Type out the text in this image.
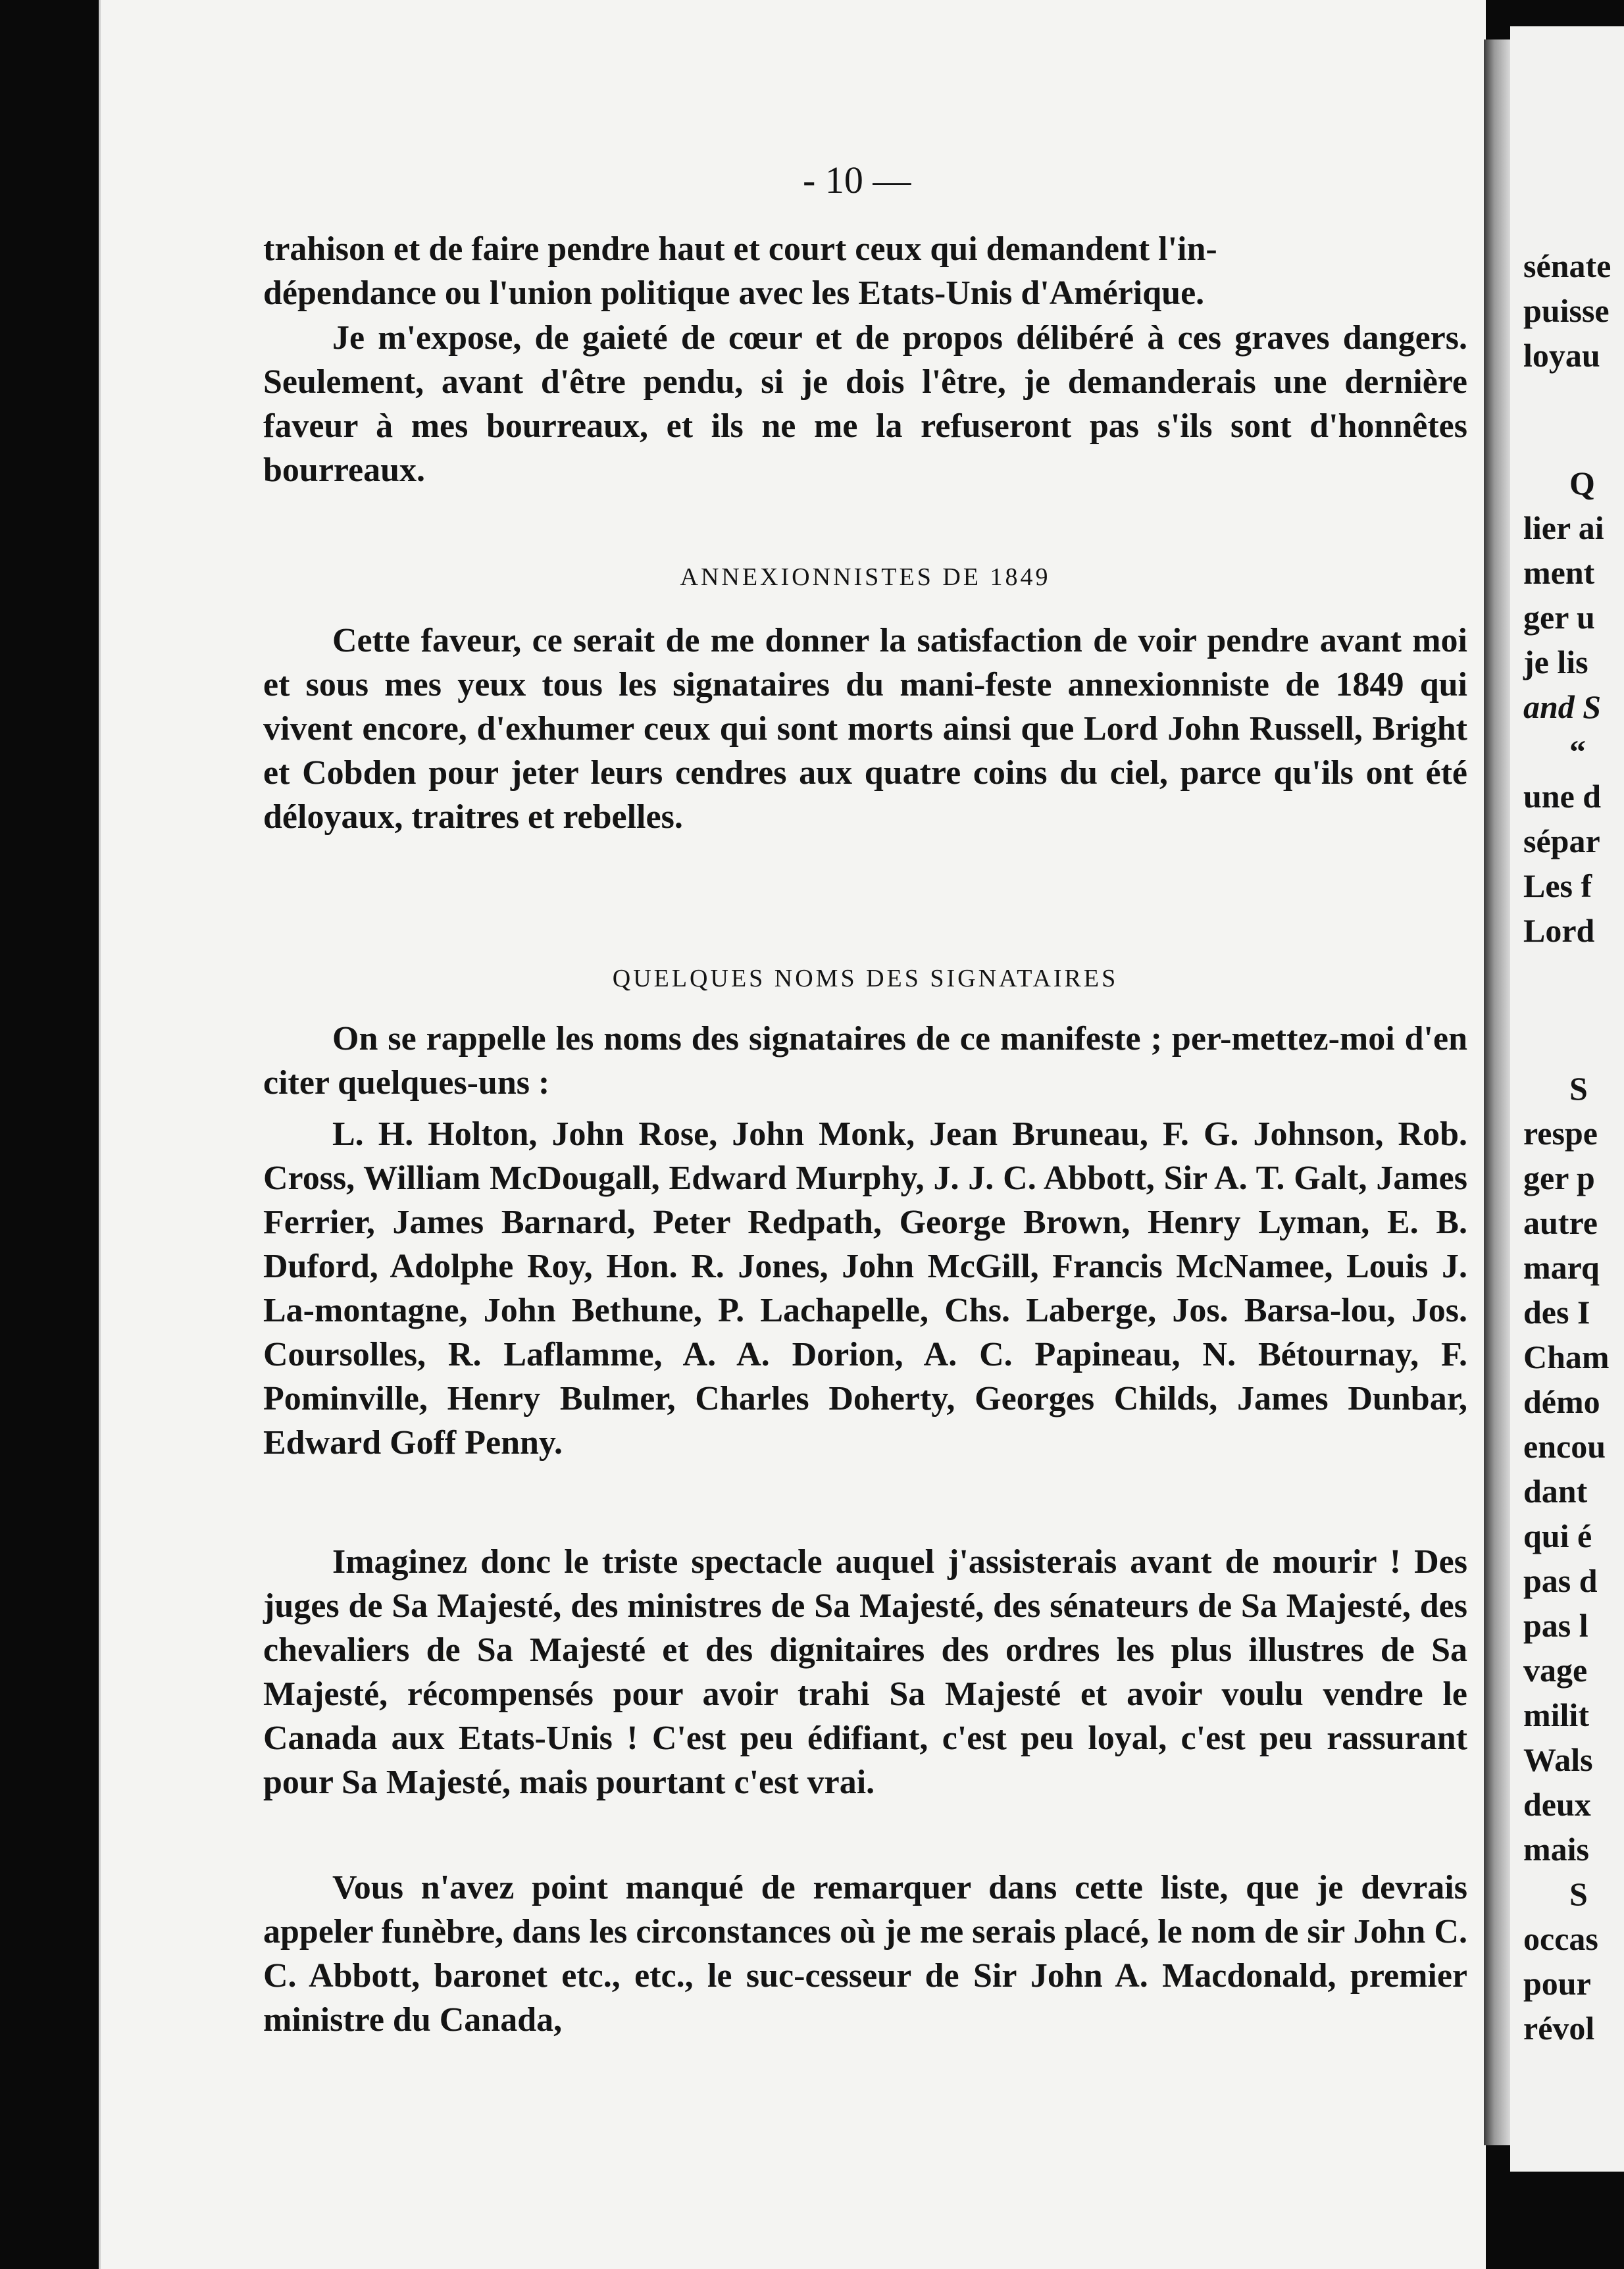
sénate
puisse
loyau
Q
lier ai
ment
ger u
je lis
and S
“
une d
sépar
Les f
Lord
S
respe
ger p
autre
marq
des I
Cham
démo
encou
dant
qui é
pas d
pas l
vage
milit
Wals
deux
mais
S
occas
pour
révol
- 10 —

trahison et de faire pendre haut et court ceux qui demandent l'in-

dépendance ou l'union politique avec les Etats-Unis d'Amérique.

Je m'expose, de gaieté de cœur et de propos délibéré à ces graves dangers. Seulement, avant d'être pendu, si je dois l'être, je demanderais une dernière faveur à mes bourreaux, et ils ne me la refuseront pas s'ils sont d'honnêtes bourreaux.

ANNEXIONNISTES DE 1849

Cette faveur, ce serait de me donner la satisfaction de voir pendre avant moi et sous mes yeux tous les signataires du mani-feste annexionniste de 1849 qui vivent encore, d'exhumer ceux qui sont morts ainsi que Lord John Russell, Bright et Cobden pour jeter leurs cendres aux quatre coins du ciel, parce qu'ils ont été déloyaux, traitres et rebelles.

QUELQUES NOMS DES SIGNATAIRES

On se rappelle les noms des signataires de ce manifeste ; per-mettez-moi d'en citer quelques-uns :

L. H. Holton, John Rose, John Monk, Jean Bruneau, F. G. Johnson, Rob. Cross, William McDougall, Edward Murphy, J. J. C. Abbott, Sir A. T. Galt, James Ferrier, James Barnard, Peter Redpath, George Brown, Henry Lyman, E. B. Duford, Adolphe Roy, Hon. R. Jones, John McGill, Francis McNamee, Louis J. La-montagne, John Bethune, P. Lachapelle, Chs. Laberge, Jos. Barsa-lou, Jos. Coursolles, R. Laflamme, A. A. Dorion, A. C. Papineau, N. Bétournay, F. Pominville, Henry Bulmer, Charles Doherty, Georges Childs, James Dunbar, Edward Goff Penny.

Imaginez donc le triste spectacle auquel j'assisterais avant de mourir ! Des juges de Sa Majesté, des ministres de Sa Majesté, des sénateurs de Sa Majesté, des chevaliers de Sa Majesté et des dignitaires des ordres les plus illustres de Sa Majesté, récompensés pour avoir trahi Sa Majesté et avoir voulu vendre le Canada aux Etats-Unis ! C'est peu édifiant, c'est peu loyal, c'est peu rassurant pour Sa Majesté, mais pourtant c'est vrai.

Vous n'avez point manqué de remarquer dans cette liste, que je devrais appeler funèbre, dans les circonstances où je me serais placé, le nom de sir John C. C. Abbott, baronet etc., etc., le suc-cesseur de Sir John A. Macdonald, premier ministre du Canada,
